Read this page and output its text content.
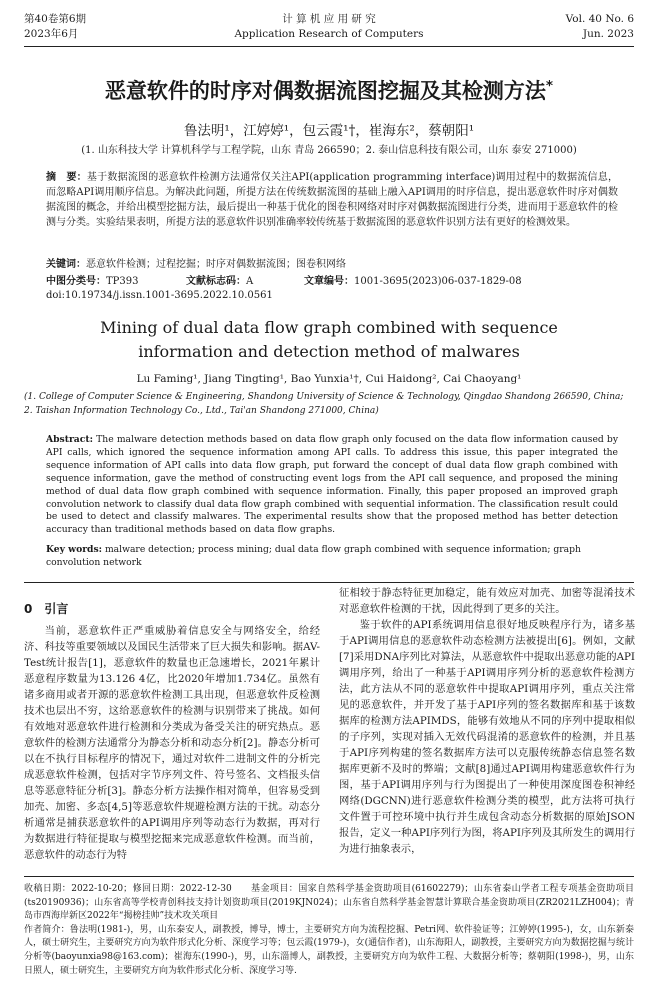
第40卷第6期
2023年6月
计 算 机 应 用 研 究
Application Research of Computers
Vol. 40 No. 6
Jun. 2023
恶意软件的时序对偶数据流图挖掘及其检测方法*
鲁法明¹，江婷婷¹，包云霞¹†，崔海东²，蔡朝阳¹
(1. 山东科技大学 计算机科学与工程学院，山东 青岛 266590；2. 泰山信息科技有限公司，山东 泰安 271000)
摘　要：基于数据流图的恶意软件检测方法通常仅关注API(application programming interface)调用过程中的数据流信息，而忽略API调用顺序信息。为解决此问题，所提方法在传统数据流图的基础上融入API调用的时序信息，提出恶意软件时序对偶数据流图的概念，并给出模型挖掘方法，最后提出一种基于优化的图卷积网络对时序对偶数据流图进行分类，进而用于恶意软件的检测与分类。实验结果表明，所提方法的恶意软件识别准确率较传统基于数据流图的恶意软件识别方法有更好的检测效果。
关键词：恶意软件检测；过程挖掘；时序对偶数据流图；图卷积网络
中图分类号：TP393	文献标志码：A	文章编号：1001-3695(2023)06-037-1829-08
doi:10.19734/j.issn.1001-3695.2022.10.0561
Mining of dual data flow graph combined with sequence information and detection method of malwares
Lu Faming¹, Jiang Tingting¹, Bao Yunxia¹†, Cui Haidong², Cai Chaoyang¹
(1. College of Computer Science & Engineering, Shandong University of Science & Technology, Qingdao Shandong 266590, China; 2. Taishan Information Technology Co., Ltd., Tai'an Shandong 271000, China)
Abstract: The malware detection methods based on data flow graph only focused on the data flow information caused by API calls, which ignored the sequence information among API calls. To address this issue, this paper integrated the sequence information of API calls into data flow graph, put forward the concept of dual data flow graph combined with sequence information, gave the method of constructing event logs from the API call sequence, and proposed the mining method of dual data flow graph combined with sequence information. Finally, this paper proposed an improved graph convolution network to classify dual data flow graph combined with sequential information. The classification result could be used to detect and classify malwares. The experimental results show that the proposed method has better detection accuracy than traditional methods based on data flow graphs.
Key words: malware detection; process mining; dual data flow graph combined with sequence information; graph convolution network
0　引言

当前，恶意软件正严重威胁着信息安全与网络安全，给经济、科技等重要领域以及国民生活带来了巨大损失和影响。据AV-Test统计报告[1]，恶意软件的数量也正急速增长，2021年累计恶意程序数量为13.126 4亿，比2020年增加1.734亿。虽然有诸多商用或者开源的恶意软件检测工具出现，但恶意软件反检测技术也层出不穷，这给恶意软件的检测与识别带来了挑战。如何有效地对恶意软件进行检测和分类成为备受关注的研究热点。恶意软件的检测方法通常分为静态分析和动态分析[2]。静态分析可以在不执行目标程序的情况下，通过对软件二进制文件的分析完成恶意软件检测，包括对字节序列文件、符号签名、文档报头信息等恶意特征分析[3]。静态分析方法操作相对简单，但容易受到加壳、加密、多态[4,5]等恶意软件规避检测方法的干扰。动态分析通常是捕获恶意软件的API调用序列等动态行为数据，再对行为数据进行特征提取与模型挖掘来完成恶意软件检测。而当前，恶意软件的动态行为特

征相较于静态特征更加稳定，能有效应对加壳、加密等混淆技术对恶意软件检测的干扰，因此得到了更多的关注。

鉴于软件的API系统调用信息很好地反映程序行为，诸多基于API调用信息的恶意软件动态检测方法被提出[6]。例如，文献[7]采用DNA序列比对算法，从恶意软件中提取出恶意功能的API调用序列，给出了一种基于API调用序列分析的恶意软件检测方法，此方法从不同的恶意软件中提取API调用序列，重点关注常见的恶意软件，并开发了基于API序列的签名数据库和基于该数据库的检测方法APIMDS，能够有效地从不同的序列中提取相似的子序列，实现对插入无效代码混淆的恶意软件的检测，并且基于API序列构建的签名数据库方法可以克服传统静态信息签名数据库更新不及时的弊端；文献[8]通过API调用构建恶意软件行为图，基于API调用序列与行为图提出了一种使用深度图卷积神经网络(DGCNN)进行恶意软件检测分类的模型，此方法将可执行文件置于可控环境中执行并生成包含动态分析数据的原始JSON报告，定义一种API序列行为图，将API序列及其所发生的调用行为进行抽象表示，

收稿日期：2022-10-20；修回日期：2022-12-30　　基金项目：国家自然科学基金资助项目(61602279)；山东省泰山学者工程专项基金资助项目(ts20190936)；山东省高等学校青创科技支持计划资助项目(2019KJN024)；山东省自然科学基金智慧计算联合基金资助项目(ZR2021LZH004)；青岛市西海岸新区2022年“揭榜挂帅”技术攻关项目

作者简介：鲁法明(1981-)，男，山东泰安人，副教授，博导，博士，主要研究方向为流程挖掘、Petri网、软件验证等；江婷婷(1995-)，女，山东新泰人，硕士研究生，主要研究方向为软件形式化分析、深度学习等；包云霞(1979-)，女(通信作者)，山东海阳人，副教授，主要研究方向为数据挖掘与统计分析等(baoyunxia98@163.com)；崔海东(1990-)，男，山东淄博人，副教授，主要研究方向为软件工程、大数据分析等；蔡朝阳(1998-)，男，山东日照人，硕士研究生，主要研究方向为软件形式化分析、深度学习等.
